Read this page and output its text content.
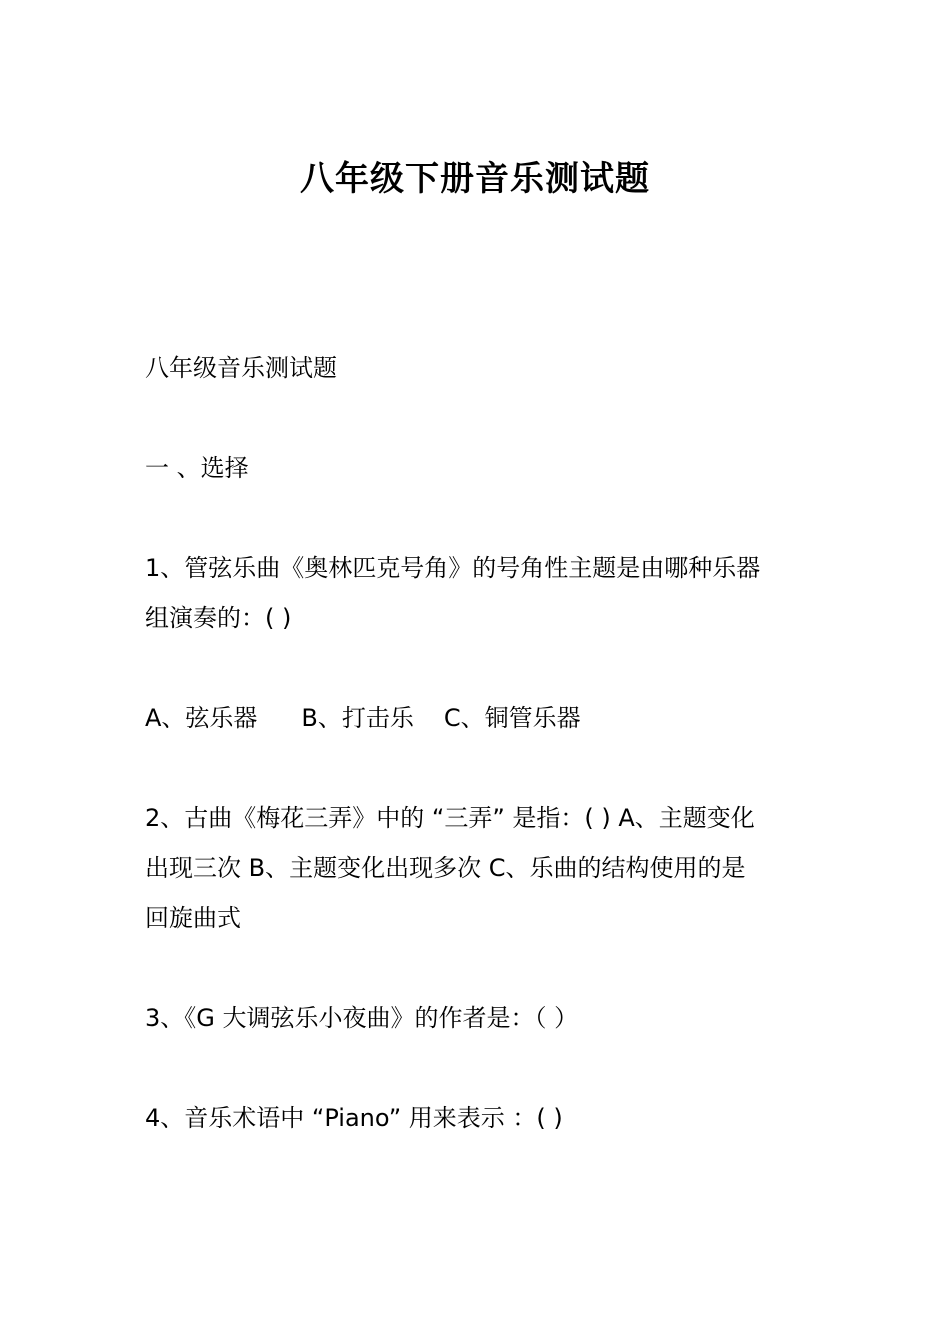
八年级下册音乐测试题
八年级音乐测试题
一 、选择
1、管弦乐曲《奥林匹克号角》的号角性主题是由哪种乐器
组演奏的：( )
A、弦乐器 B、打击乐 C、铜管乐器
2、古曲《梅花三弄》中的 “三弄” 是指：( ) A、主题变化
出现三次 B、主题变化出现多次 C、乐曲的结构使用的是
回旋曲式
3、《G 大调弦乐小夜曲》的作者是：（ ）
4、音乐术语中 “Piano” 用来表示 ：( )
